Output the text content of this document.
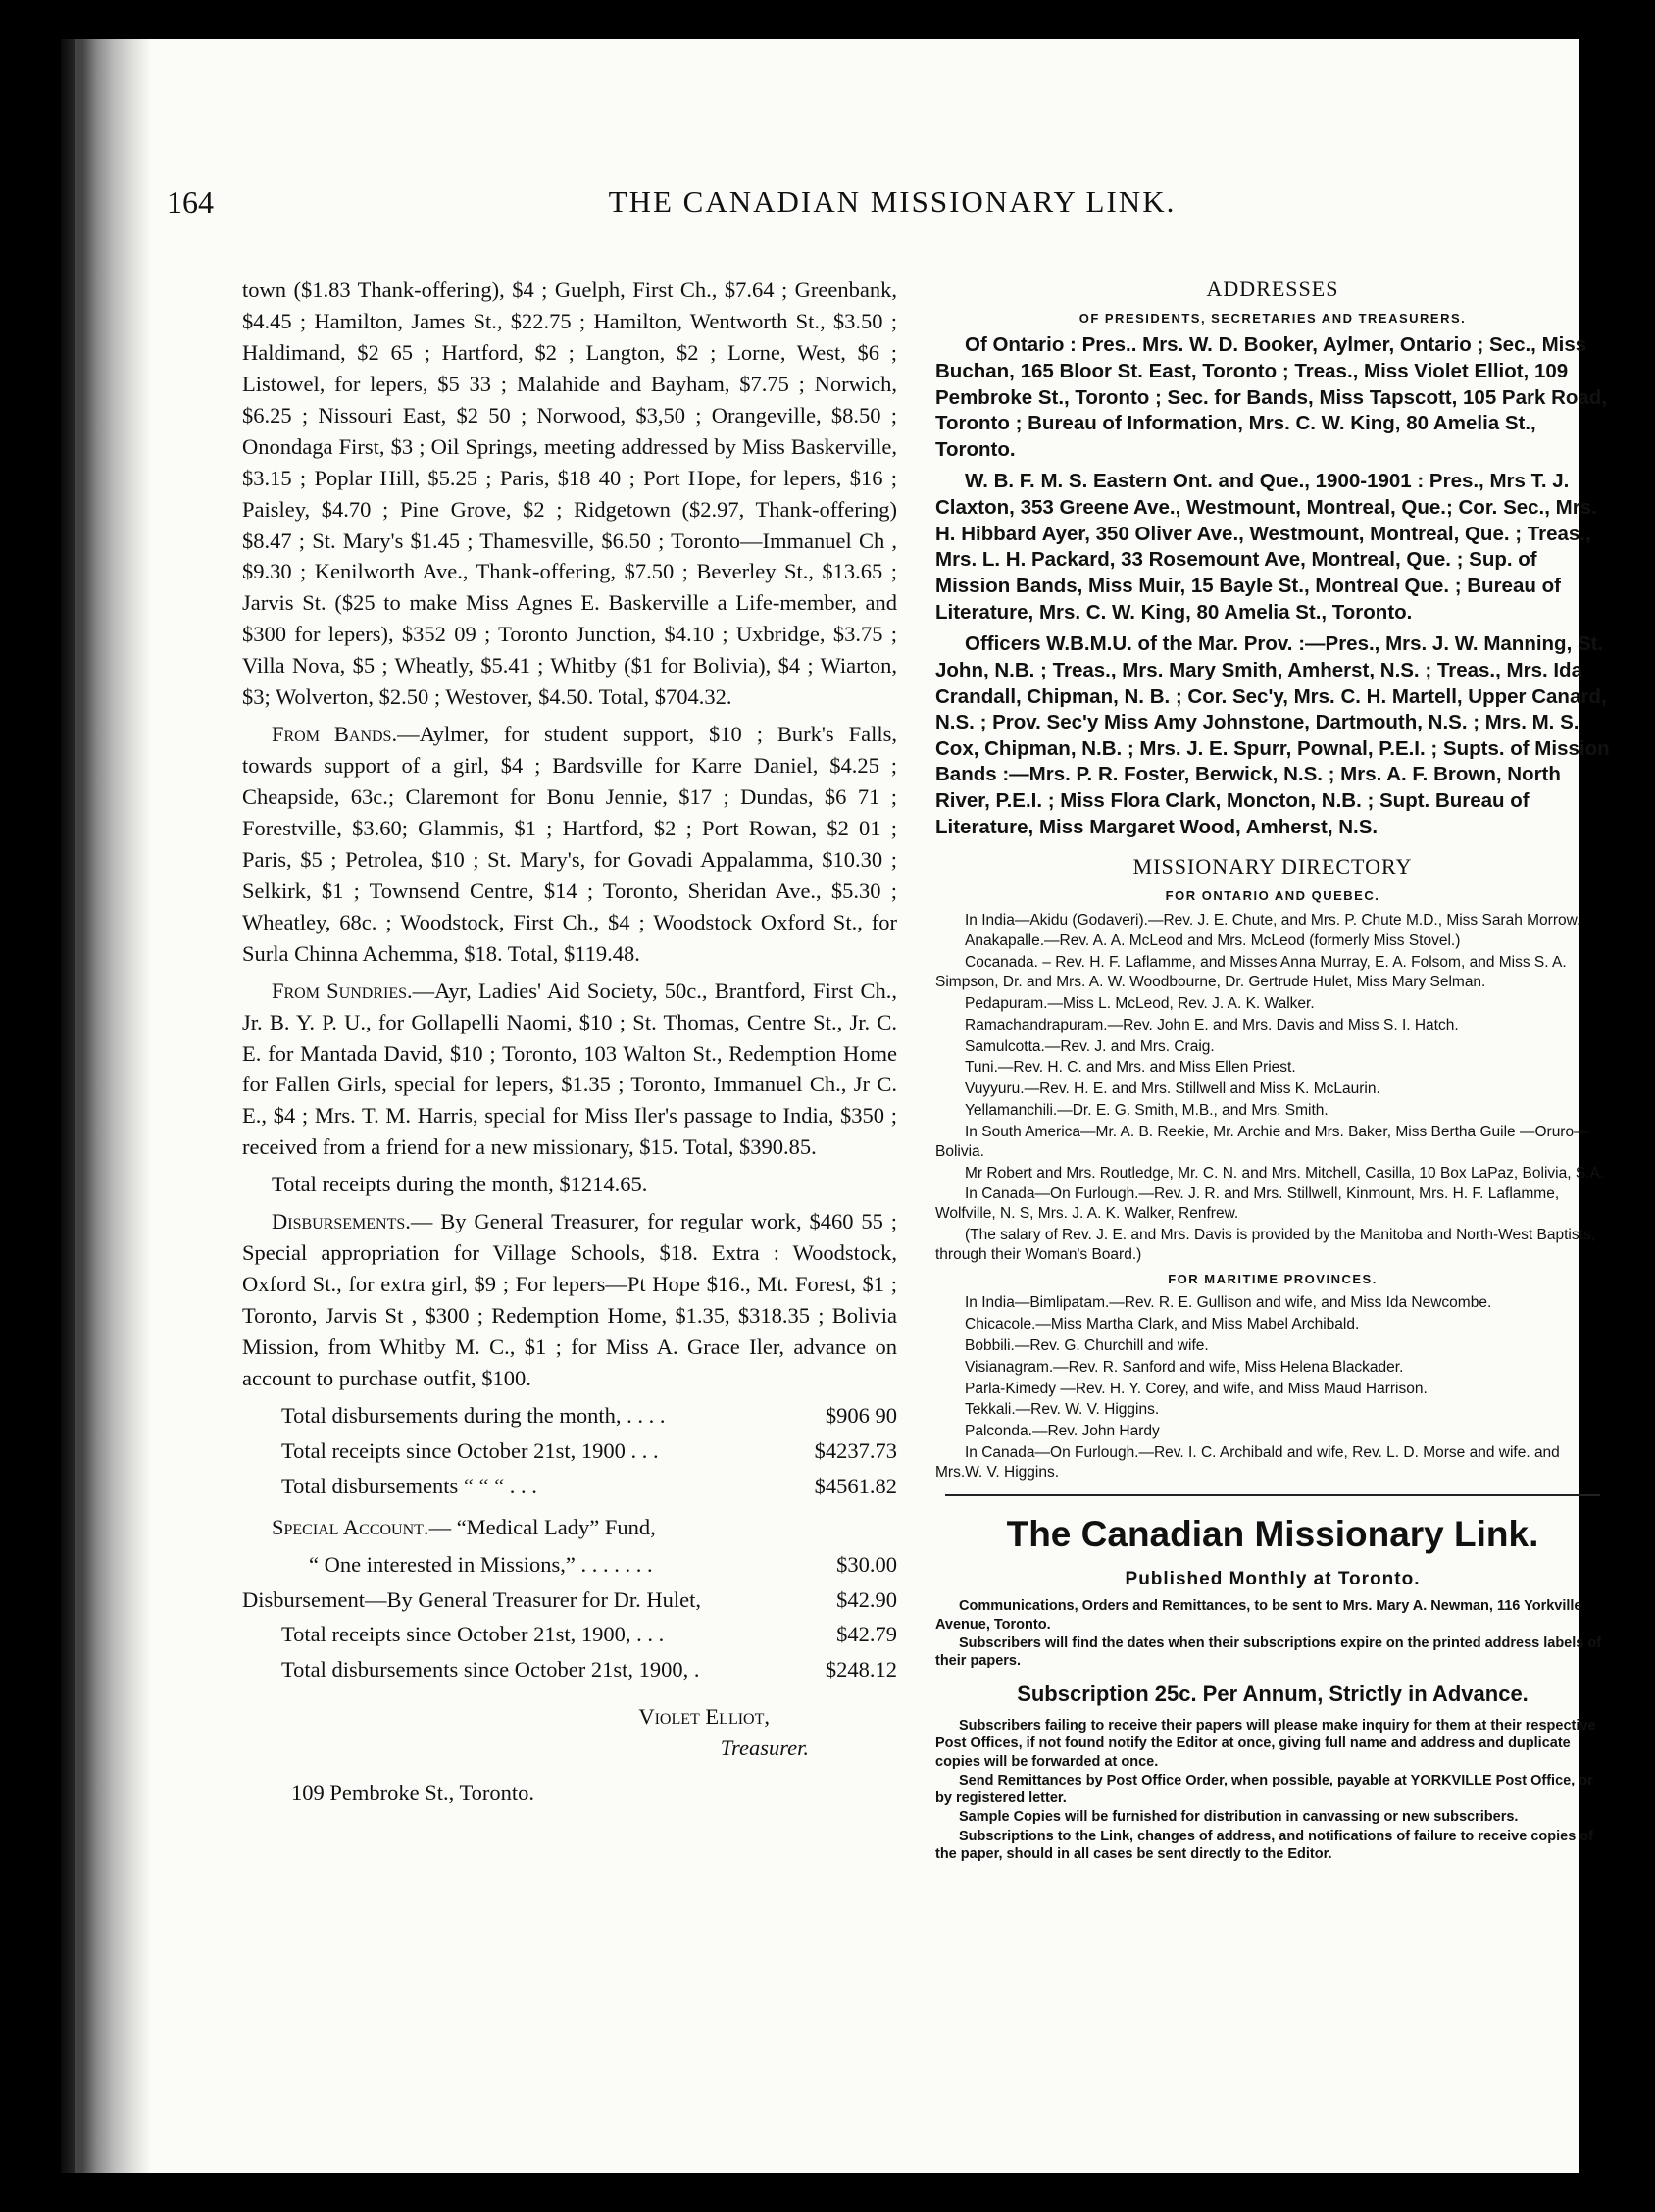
164	THE CANADIAN MISSIONARY LINK.

town ($1.83 Thank-offering), $4 ; Guelph, First Ch., $7.64 ; Greenbank, $4.45 ; Hamilton, James St., $22.75 ; Hamilton, Wentworth St., $3.50 ; Haldimand, $2 65 ; Hartford, $2 ; Langton, $2 ; Lorne, West, $6 ; Listowel, for lepers, $5 33 ; Malahide and Bayham, $7.75 ; Norwich, $6.25 ; Nissouri East, $2 50 ; Norwood, $3,50 ; Orangeville, $8.50 ; Onondaga First, $3 ; Oil Springs, meeting addressed by Miss Baskerville, $3.15 ; Poplar Hill, $5.25 ; Paris, $18 40 ; Port Hope, for lepers, $16 ; Paisley, $4.70 ; Pine Grove, $2 ; Ridgetown ($2.97, Thank-offering) $8.47 ; St. Mary's $1.45 ; Thamesville, $6.50 ; Toronto—Immanuel Ch , $9.30 ; Kenilworth Ave., Thank-offering, $7.50 ; Beverley St., $13.65 ; Jarvis St. ($25 to make Miss Agnes E. Baskerville a Life-member, and $300 for lepers), $352 09 ; Toronto Junction, $4.10 ; Uxbridge, $3.75 ; Villa Nova, $5 ; Wheatly, $5.41 ; Whitby ($1 for Bolivia), $4 ; Wiarton, $3; Wolverton, $2.50 ; Westover, $4.50. Total, $704.32.

From Bands.—Aylmer, for student support, $10 ; Burk's Falls, towards support of a girl, $4 ; Bardsville for Karre Daniel, $4.25 ; Cheapside, 63c.; Claremont for Bonu Jennie, $17 ; Dundas, $6 71 ; Forestville, $3.60; Glammis, $1 ; Hartford, $2 ; Port Rowan, $2 01 ; Paris, $5 ; Petrolea, $10 ; St. Mary's, for Govadi Appalamma, $10.30 ; Selkirk, $1 ; Townsend Centre, $14 ; Toronto, Sheridan Ave., $5.30 ; Wheatley, 68c. ; Woodstock, First Ch., $4 ; Woodstock Oxford St., for Surla Chinna Achemma, $18. Total, $119.48.

From Sundries.—Ayr, Ladies' Aid Society, 50c., Brantford, First Ch., Jr. B. Y. P. U., for Gollapelli Naomi, $10 ; St. Thomas, Centre St., Jr. C. E. for Mantada David, $10 ; Toronto, 103 Walton St., Redemption Home for Fallen Girls, special for lepers, $1.35 ; Toronto, Immanuel Ch., Jr C. E., $4 ; Mrs. T. M. Harris, special for Miss Iler's passage to India, $350 ; received from a friend for a new missionary, $15. Total, $390.85.

Total receipts during the month, $1214.65.

Disbursements.— By General Treasurer, for regular work, $460 55 ; Special appropriation for Village Schools, $18. Extra : Woodstock, Oxford St., for extra girl, $9 ; For lepers—Pt Hope $16., Mt. Forest, $1 ; Toronto, Jarvis St , $300 ; Redemption Home, $1.35, $318.35 ; Bolivia Mission, from Whitby M. C., $1 ; for Miss A. Grace Iler, advance on account to purchase outfit, $100.

Total disbursements during the month, . . . .	$906 90
Total receipts since October 21st, 1900 . . .	$4237.73
Total disbursements “ “ “ . . .	$4561.82

Special Account.— “Medical Lady” Fund,

“ One interested in Missions,” . . . . . . .	$30.00
Disbursement—By General Treasurer for Dr. Hulet,	$42.90
Total receipts since October 21st, 1900, . . .	$42.79
Total disbursements since October 21st, 1900, .	$248.12
Violet Elliot,
Treasurer.
109 Pembroke St., Toronto.
ADDRESSES
OF PRESIDENTS, SECRETARIES AND TREASURERS.

Of Ontario : Pres.. Mrs. W. D. Booker, Aylmer, Ontario ; Sec., Miss Buchan, 165 Bloor St. East, Toronto ; Treas., Miss Violet Elliot, 109 Pembroke St., Toronto ; Sec. for Bands, Miss Tapscott, 105 Park Road, Toronto ; Bureau of Information, Mrs. C. W. King, 80 Amelia St., Toronto.

W. B. F. M. S. Eastern Ont. and Que., 1900-1901 : Pres., Mrs T. J. Claxton, 353 Greene Ave., Westmount, Montreal, Que.; Cor. Sec., Mrs. H. Hibbard Ayer, 350 Oliver Ave., Westmount, Montreal, Que. ; Treas., Mrs. L. H. Packard, 33 Rosemount Ave, Montreal, Que. ; Sup. of Mission Bands, Miss Muir, 15 Bayle St., Montreal Que. ; Bureau of Literature, Mrs. C. W. King, 80 Amelia St., Toronto.

Officers W.B.M.U. of the Mar. Prov. :—Pres., Mrs. J. W. Manning, St. John, N.B. ; Treas., Mrs. Mary Smith, Amherst, N.S. ; Treas., Mrs. Ida Crandall, Chipman, N. B. ; Cor. Sec'y, Mrs. C. H. Martell, Upper Canard, N.S. ; Prov. Sec'y Miss Amy Johnstone, Dartmouth, N.S. ; Mrs. M. S. Cox, Chipman, N.B. ; Mrs. J. E. Spurr, Pownal, P.E.I. ; Supts. of Mission Bands :—Mrs. P. R. Foster, Berwick, N.S. ; Mrs. A. F. Brown, North River, P.E.I. ; Miss Flora Clark, Moncton, N.B. ; Supt. Bureau of Literature, Miss Margaret Wood, Amherst, N.S.

MISSIONARY DIRECTORY
FOR ONTARIO AND QUEBEC.

In India—Akidu (Godaveri).—Rev. J. E. Chute, and Mrs. P. Chute M.D., Miss Sarah Morrow.

Anakapalle.—Rev. A. A. McLeod and Mrs. McLeod (formerly Miss Stovel.)

Cocanada. – Rev. H. F. Laflamme, and Misses Anna Murray, E. A. Folsom, and Miss S. A. Simpson, Dr. and Mrs. A. W. Woodbourne, Dr. Gertrude Hulet, Miss Mary Selman.

Pedapuram.—Miss L. McLeod, Rev. J. A. K. Walker.

Ramachandrapuram.—Rev. John E. and Mrs. Davis and Miss S. I. Hatch.

Samulcotta.—Rev. J. and Mrs. Craig.

Tuni.—Rev. H. C. and Mrs. and Miss Ellen Priest.

Vuyyuru.—Rev. H. E. and Mrs. Stillwell and Miss K. McLaurin.

Yellamanchili.—Dr. E. G. Smith, M.B., and Mrs. Smith.

In South America—Mr. A. B. Reekie, Mr. Archie and Mrs. Baker, Miss Bertha Guile —Oruro—Bolivia.

Mr Robert and Mrs. Routledge, Mr. C. N. and Mrs. Mitchell, Casilla, 10 Box LaPaz, Bolivia, S.A.

In Canada—On Furlough.—Rev. J. R. and Mrs. Stillwell, Kinmount, Mrs. H. F. Laflamme, Wolfville, N. S, Mrs. J. A. K. Walker, Renfrew.

(The salary of Rev. J. E. and Mrs. Davis is provided by the Manitoba and North-West Baptists, through their Woman's Board.)

FOR MARITIME PROVINCES.

In India—Bimlipatam.—Rev. R. E. Gullison and wife, and Miss Ida Newcombe.

Chicacole.—Miss Martha Clark, and Miss Mabel Archibald.

Bobbili.—Rev. G. Churchill and wife.

Visianagram.—Rev. R. Sanford and wife, Miss Helena Blackader.

Parla-Kimedy —Rev. H. Y. Corey, and wife, and Miss Maud Harrison.

Tekkali.—Rev. W. V. Higgins.

Palconda.—Rev. John Hardy

In Canada—On Furlough.—Rev. I. C. Archibald and wife, Rev. L. D. Morse and wife. and Mrs.W. V. Higgins.

The Canadian Missionary Link.
Published Monthly at Toronto.

Communications, Orders and Remittances, to be sent to Mrs. Mary A. Newman, 116 Yorkville Avenue, Toronto.

Subscribers will find the dates when their subscriptions expire on the printed address labels of their papers.

Subscription 25c. Per Annum, Strictly in Advance.

Subscribers failing to receive their papers will please make inquiry for them at their respective Post Offices, if not found notify the Editor at once, giving full name and address and duplicate copies will be forwarded at once.

Send Remittances by Post Office Order, when possible, payable at YORKVILLE Post Office, or by registered letter.

Sample Copies will be furnished for distribution in canvassing or new subscribers.

Subscriptions to the Link, changes of address, and notifications of failure to receive copies of the paper, should in all cases be sent directly to the Editor.
